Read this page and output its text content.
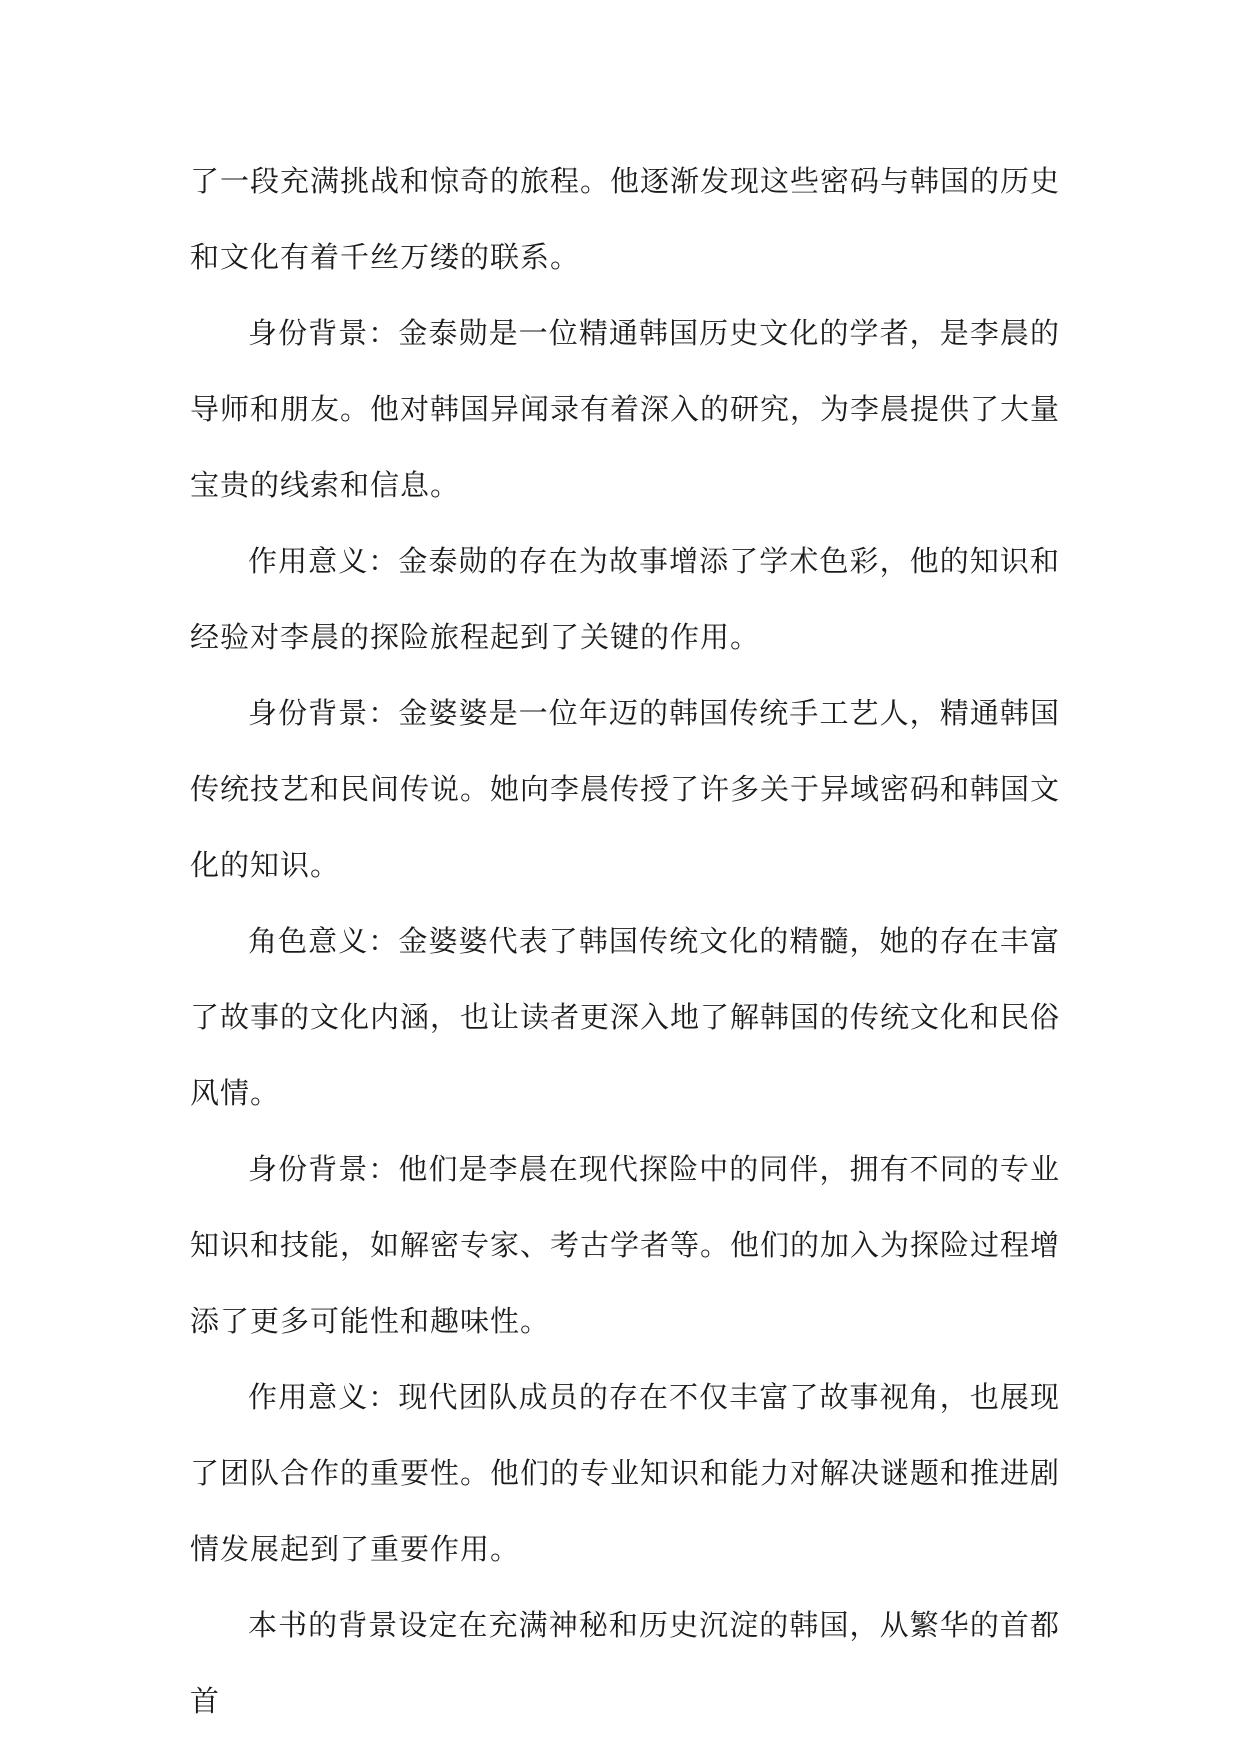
了一段充满挑战和惊奇的旅程。他逐渐发现这些密码与韩国的历史和文化有着千丝万缕的联系。

身份背景：金泰勋是一位精通韩国历史文化的学者，是李晨的导师和朋友。他对韩国异闻录有着深入的研究，为李晨提供了大量宝贵的线索和信息。

作用意义：金泰勋的存在为故事增添了学术色彩，他的知识和经验对李晨的探险旅程起到了关键的作用。

身份背景：金婆婆是一位年迈的韩国传统手工艺人，精通韩国传统技艺和民间传说。她向李晨传授了许多关于异域密码和韩国文化的知识。

角色意义：金婆婆代表了韩国传统文化的精髓，她的存在丰富了故事的文化内涵，也让读者更深入地了解韩国的传统文化和民俗风情。

身份背景：他们是李晨在现代探险中的同伴，拥有不同的专业知识和技能，如解密专家、考古学者等。他们的加入为探险过程增添了更多可能性和趣味性。

作用意义：现代团队成员的存在不仅丰富了故事视角，也展现了团队合作的重要性。他们的专业知识和能力对解决谜题和推进剧情发展起到了重要作用。

本书的背景设定在充满神秘和历史沉淀的韩国，从繁华的首都首
